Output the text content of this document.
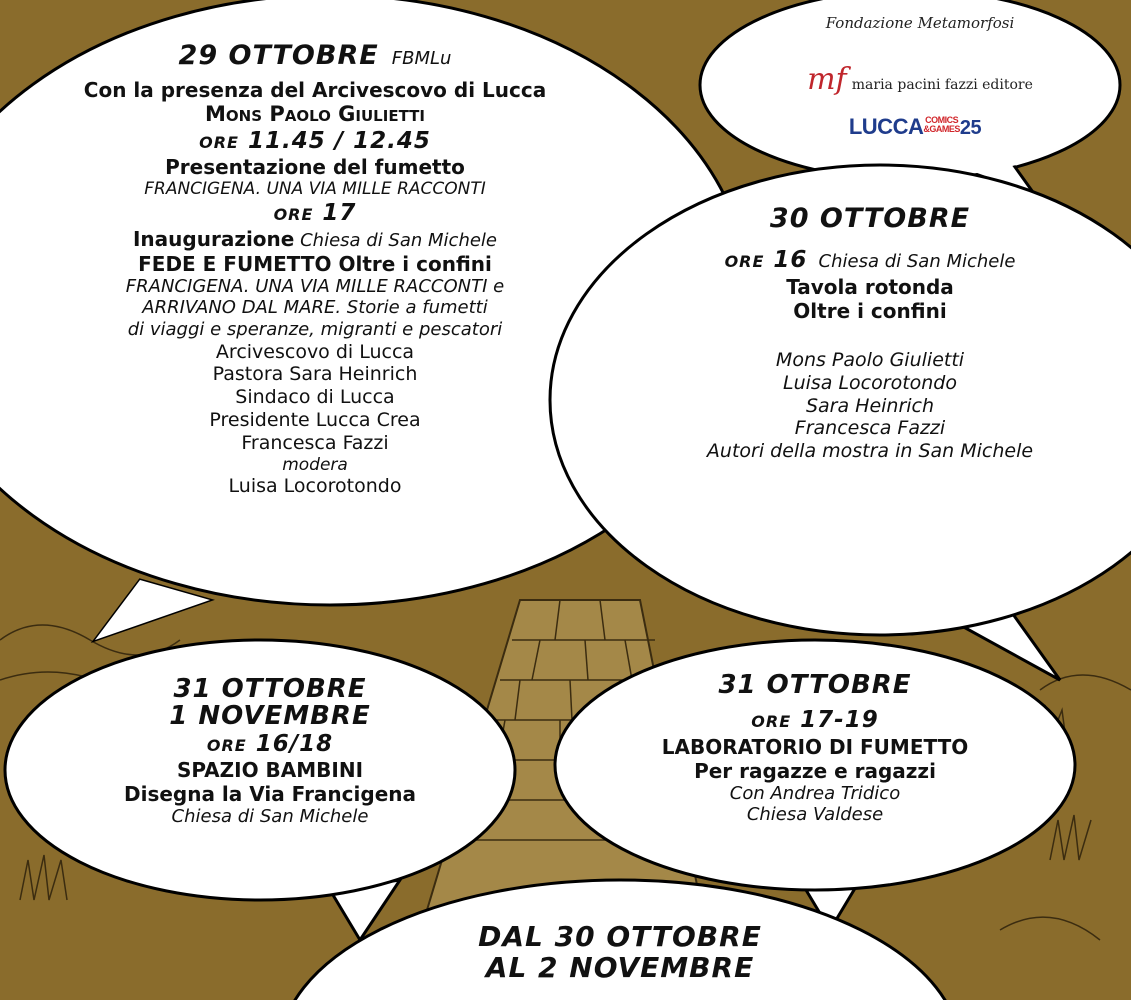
Fondazione Metamorfosi
mf maria pacini fazzi editore
LUCCA COMICS
&GAMES25
29 OTTOBRE FBMLu
Con la presenza del Arcivescovo di Lucca
Mons Paolo Giulietti
ore 11.45 / 12.45
Presentazione del fumetto
FRANCIGENA. UNA VIA MILLE RACCONTI
ore 17
Inaugurazione Chiesa di San Michele
FEDE E FUMETTO Oltre i confini
FRANCIGENA. UNA VIA MILLE RACCONTI e
ARRIVANO DAL MARE. Storie a fumetti
di viaggi e speranze, migranti e pescatori
Arcivescovo di Lucca
Pastora Sara Heinrich
Sindaco di Lucca
Presidente Lucca Crea
Francesca Fazzi
modera
Luisa Locorotondo
30 OTTOBRE
ore 16 Chiesa di San Michele
Tavola rotonda
Oltre i confini
Mons Paolo Giulietti
Luisa Locorotondo
Sara Heinrich
Francesca Fazzi
Autori della mostra in San Michele
31 OTTOBRE
1 NOVEMBRE
ore 16/18
SPAZIO BAMBINI
Disegna la Via Francigena
Chiesa di San Michele
31 OTTOBRE
ore 17-19
LABORATORIO DI FUMETTO
Per ragazze e ragazzi
Con Andrea Tridico
Chiesa Valdese
DAL 30 OTTOBRE
AL 2 NOVEMBRE
